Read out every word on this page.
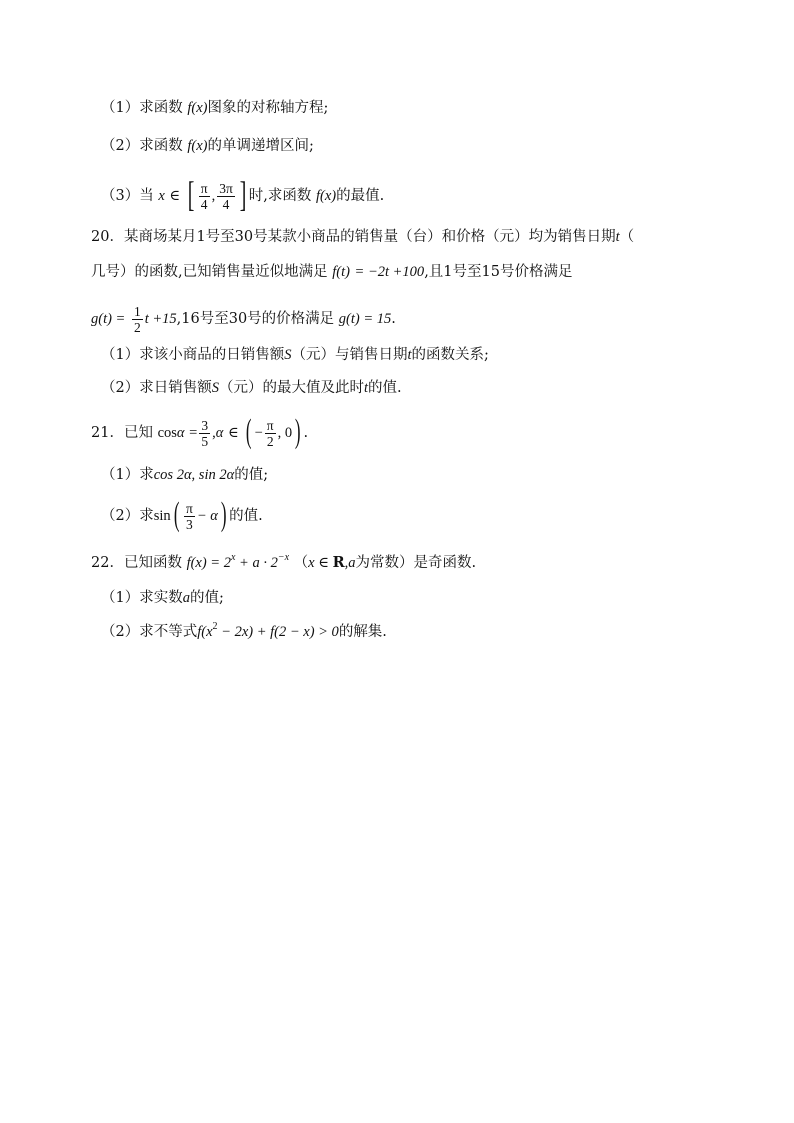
（1）求函数 f(x)图象的对称轴方程;
（2）求函数 f(x)的单调递增区间;
（3）当 x ∈ [ $\frac{\pi}{4}$ , $\frac{3\pi}{4}$ ] 时,求函数 f(x)的最值.
20．某商场某月1号至30号某款小商品的销售量（台）和价格（元）均为销售日期t（
几号）的函数,已知销售量近似地满足 f(t) = −2t +100,且1号至15号价格满足
$g(t) = \frac{1}{2}$ t +15,16号至30号的价格满足 g(t) = 15.
（1）求该小商品的日销售额S（元）与销售日期t的函数关系;
（2）求日销售额S（元）的最大值及此时t的值.
21．已知 $\cos\alpha = \frac{3}{5} ,\alpha$ ∈ ( − $\frac{\pi}{2}$ , 0) .
（1）求cos 2α, sin 2α的值;
（2）求$\sin( \frac{\pi}{3} - \alpha)$ 的值.
22．已知函数 $f(x) = 2^x + a \cdot 2^{-x}$ （x ∈ R,a为常数）是奇函数.
（1）求实数a的值;
（2）求不等式$f(x^2 - 2x) + f(2 - x) > 0$的解集.
